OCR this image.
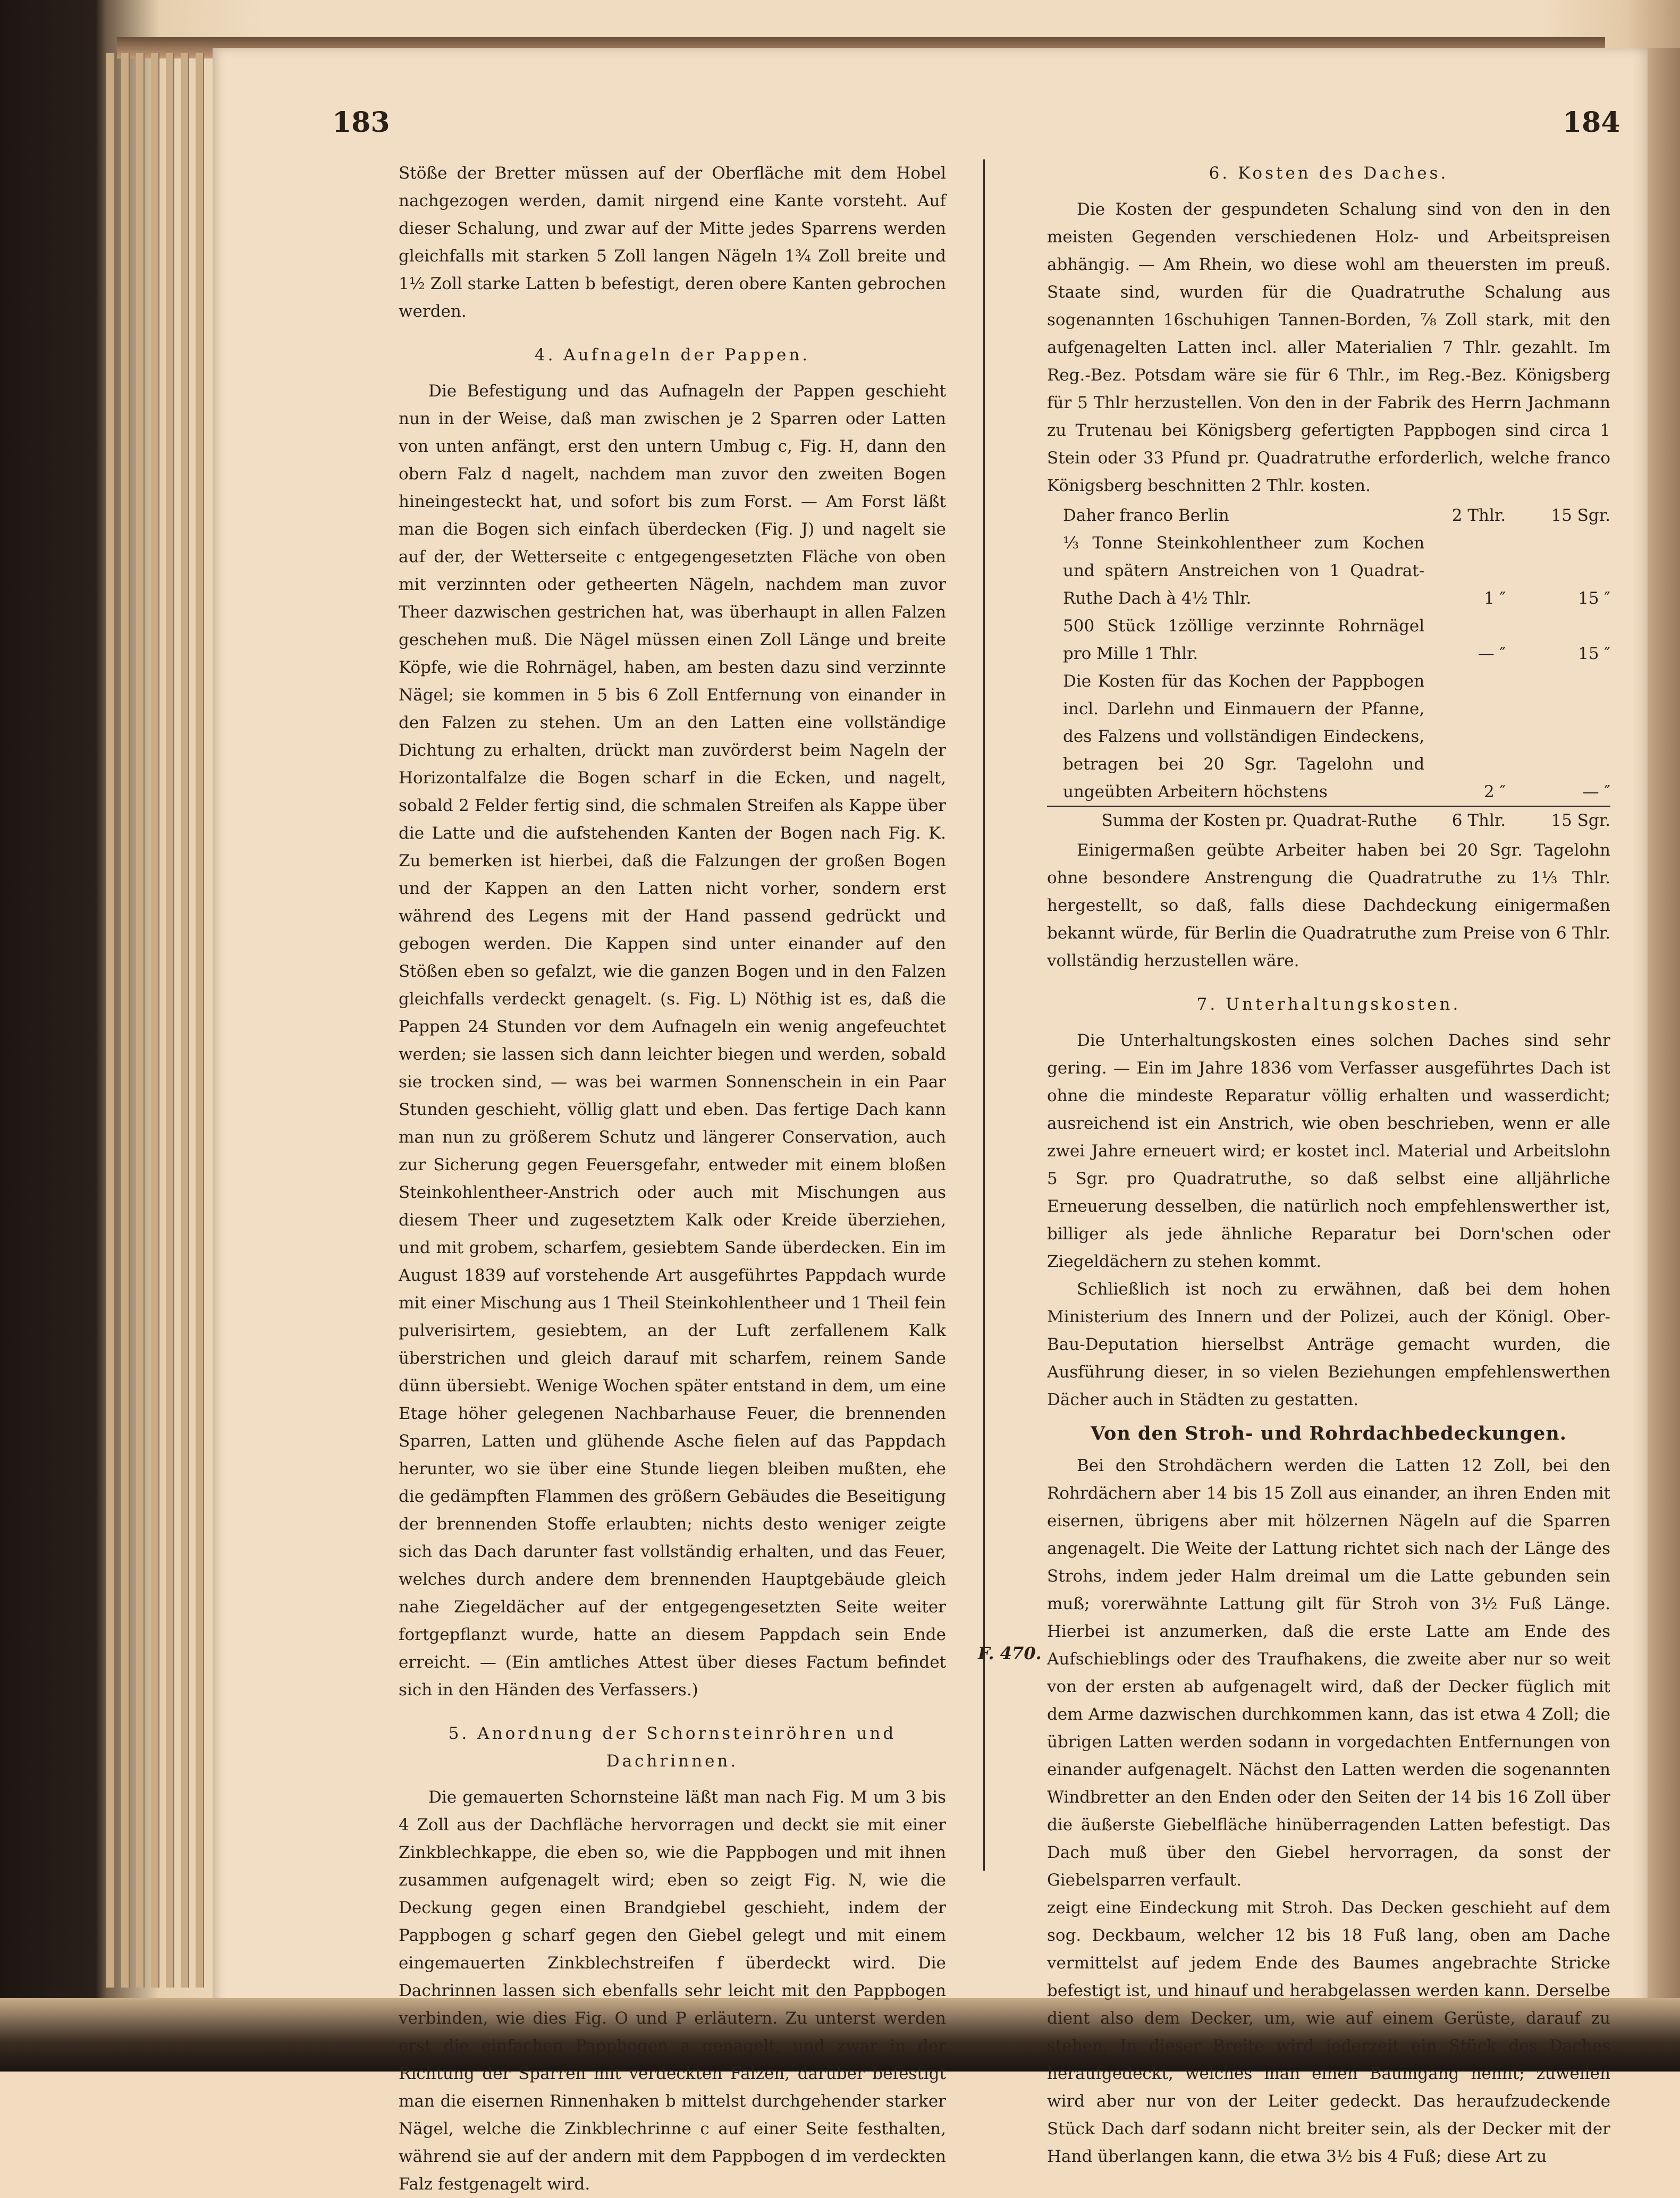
183	184

Stöße der Bretter müssen auf der Oberfläche mit dem Hobel nachgezogen werden, damit nirgend eine Kante vorsteht. Auf dieser Schalung, und zwar auf der Mitte jedes Sparrens werden gleichfalls mit starken 5 Zoll langen Nägeln 1¾ Zoll breite und 1½ Zoll starke Latten b befestigt, deren obere Kanten gebrochen werden.

4. Aufnageln der Pappen.

Die Befestigung und das Aufnageln der Pappen geschieht nun in der Weise, daß man zwischen je 2 Sparren oder Latten von unten anfängt, erst den untern Umbug c, Fig. H, dann den obern Falz d nagelt, nachdem man zuvor den zweiten Bogen hineingesteckt hat, und sofort bis zum Forst. — Am Forst läßt man die Bogen sich einfach überdecken (Fig. J) und nagelt sie auf der, der Wetterseite c entgegengesetzten Fläche von oben mit verzinnten oder getheerten Nägeln, nachdem man zuvor Theer dazwischen gestrichen hat, was überhaupt in allen Falzen geschehen muß. Die Nägel müssen einen Zoll Länge und breite Köpfe, wie die Rohrnägel, haben, am besten dazu sind verzinnte Nägel; sie kommen in 5 bis 6 Zoll Entfernung von einander in den Falzen zu stehen. Um an den Latten eine vollständige Dichtung zu erhalten, drückt man zuvörderst beim Nageln der Horizontalfalze die Bogen scharf in die Ecken, und nagelt, sobald 2 Felder fertig sind, die schmalen Streifen als Kappe über die Latte und die aufstehenden Kanten der Bogen nach Fig. K. Zu bemerken ist hierbei, daß die Falzungen der großen Bogen und der Kappen an den Latten nicht vorher, sondern erst während des Legens mit der Hand passend gedrückt und gebogen werden. Die Kappen sind unter einander auf den Stößen eben so gefalzt, wie die ganzen Bogen und in den Falzen gleichfalls verdeckt genagelt. (s. Fig. L) Nöthig ist es, daß die Pappen 24 Stunden vor dem Aufnageln ein wenig angefeuchtet werden; sie lassen sich dann leichter biegen und werden, sobald sie trocken sind, — was bei warmen Sonnenschein in ein Paar Stunden geschieht, völlig glatt und eben. Das fertige Dach kann man nun zu größerem Schutz und längerer Conservation, auch zur Sicherung gegen Feuersgefahr, entweder mit einem bloßen Steinkohlentheer-Anstrich oder auch mit Mischungen aus diesem Theer und zugesetztem Kalk oder Kreide überziehen, und mit grobem, scharfem, gesiebtem Sande überdecken. Ein im August 1839 auf vorstehende Art ausgeführtes Pappdach wurde mit einer Mischung aus 1 Theil Steinkohlentheer und 1 Theil fein pulverisirtem, gesiebtem, an der Luft zerfallenem Kalk überstrichen und gleich darauf mit scharfem, reinem Sande dünn übersiebt. Wenige Wochen später entstand in dem, um eine Etage höher gelegenen Nachbarhause Feuer, die brennenden Sparren, Latten und glühende Asche fielen auf das Pappdach herunter, wo sie über eine Stunde liegen bleiben mußten, ehe die gedämpften Flammen des größern Gebäudes die Beseitigung der brennenden Stoffe erlaubten; nichts desto weniger zeigte sich das Dach darunter fast vollständig erhalten, und das Feuer, welches durch andere dem brennenden Hauptgebäude gleich nahe Ziegeldächer auf der entgegengesetzten Seite weiter fortgepflanzt wurde, hatte an diesem Pappdach sein Ende erreicht. — (Ein amtliches Attest über dieses Factum befindet sich in den Händen des Verfassers.)

5. Anordnung der Schornsteinröhren und Dachrinnen.

Die gemauerten Schornsteine läßt man nach Fig. M um 3 bis 4 Zoll aus der Dachfläche hervorragen und deckt sie mit einer Zinkblechkappe, die eben so, wie die Pappbogen und mit ihnen zusammen aufgenagelt wird; eben so zeigt Fig. N, wie die Deckung gegen einen Brandgiebel geschieht, indem der Pappbogen g scharf gegen den Giebel gelegt und mit einem eingemauerten Zinkblechstreifen f überdeckt wird. Die Dachrinnen lassen sich ebenfalls sehr leicht mit den Pappbogen verbinden, wie dies Fig. O und P erläutern. Zu unterst werden erst die einfachen Pappbogen a genagelt, und zwar in der Richtung der Sparren mit verdeckten Falzen, darüber befestigt man die eisernen Rinnenhaken b mittelst durchgehender starker Nägel, welche die Zinkblechrinne c auf einer Seite festhalten, während sie auf der andern mit dem Pappbogen d im verdeckten Falz festgenagelt wird.

6. Kosten des Daches.

Die Kosten der gespundeten Schalung sind von den in den meisten Gegenden verschiedenen Holz- und Arbeitspreisen abhängig. — Am Rhein, wo diese wohl am theuersten im preuß. Staate sind, wurden für die Quadratruthe Schalung aus sogenannten 16schuhigen Tannen-Borden, ⅞ Zoll stark, mit den aufgenagelten Latten incl. aller Materialien 7 Thlr. gezahlt. Im Reg.-Bez. Potsdam wäre sie für 6 Thlr., im Reg.-Bez. Königsberg für 5 Thlr herzustellen. Von den in der Fabrik des Herrn Jachmann zu Trutenau bei Königsberg gefertigten Pappbogen sind circa 1 Stein oder 33 Pfund pr. Quadratruthe erforderlich, welche franco Königsberg beschnitten 2 Thlr. kosten.

Daher franco Berlin	2 Thlr.	15 Sgr.
⅓ Tonne Steinkohlentheer zum Kochen und spätern Anstreichen von 1 Quadrat-Ruthe Dach à 4½ Thlr.	1 ″	15 ″
500 Stück 1zöllige verzinnte Rohrnägel pro Mille 1 Thlr.	— ″	15 ″
Die Kosten für das Kochen der Pappbogen incl. Darlehn und Einmauern der Pfanne, des Falzens und vollständigen Eindeckens, betragen bei 20 Sgr. Tagelohn und ungeübten Arbeitern höchstens	2 ″	— ″
Summa der Kosten pr. Quadrat-Ruthe	6 Thlr.	15 Sgr.

Einigermaßen geübte Arbeiter haben bei 20 Sgr. Tagelohn ohne besondere Anstrengung die Quadratruthe zu 1⅓ Thlr. hergestellt, so daß, falls diese Dachdeckung einigermaßen bekannt würde, für Berlin die Quadratruthe zum Preise von 6 Thlr. vollständig herzustellen wäre.

7. Unterhaltungskosten.

Die Unterhaltungskosten eines solchen Daches sind sehr gering. — Ein im Jahre 1836 vom Verfasser ausgeführtes Dach ist ohne die mindeste Reparatur völlig erhalten und wasserdicht; ausreichend ist ein Anstrich, wie oben beschrieben, wenn er alle zwei Jahre erneuert wird; er kostet incl. Material und Arbeitslohn 5 Sgr. pro Quadratruthe, so daß selbst eine alljährliche Erneuerung desselben, die natürlich noch empfehlenswerther ist, billiger als jede ähnliche Reparatur bei Dorn'schen oder Ziegeldächern zu stehen kommt.

Schließlich ist noch zu erwähnen, daß bei dem hohen Ministerium des Innern und der Polizei, auch der Königl. Ober-Bau-Deputation hierselbst Anträge gemacht wurden, die Ausführung dieser, in so vielen Beziehungen empfehlenswerthen Dächer auch in Städten zu gestatten.

Von den Stroh- und Rohrdachbedeckungen.

Bei den Strohdächern werden die Latten 12 Zoll, bei den Rohrdächern aber 14 bis 15 Zoll aus einander, an ihren Enden mit eisernen, übrigens aber mit hölzernen Nägeln auf die Sparren angenagelt. Die Weite der Lattung richtet sich nach der Länge des Strohs, indem jeder Halm dreimal um die Latte gebunden sein muß; vorerwähnte Lattung gilt für Stroh von 3½ Fuß Länge. Hierbei ist anzumerken, daß die erste Latte am Ende des Aufschieblings oder des Traufhakens, die zweite aber nur so weit von der ersten ab aufgenagelt wird, daß der Decker füglich mit dem Arme dazwischen durchkommen kann, das ist etwa 4 Zoll; die übrigen Latten werden sodann in vorgedachten Entfernungen von einander aufgenagelt. Nächst den Latten werden die sogenannten Windbretter an den Enden oder den Seiten der 14 bis 16 Zoll über die äußerste Giebelfläche hinüberragenden Latten befestigt. Das Dach muß über den Giebel hervorragen, da sonst der Giebelsparren verfault.

zeigt eine Eindeckung mit Stroh. Das Decken geschieht auf dem sog. Deckbaum, welcher 12 bis 18 Fuß lang, oben am Dache vermittelst auf jedem Ende des Baumes angebrachte Stricke befestigt ist, und hinauf und herabgelassen werden kann. Derselbe dient also dem Decker, um, wie auf einem Gerüste, darauf zu stehen. In dieser Breite wird jederzeit ein Stück des Daches heraufgedeckt, welches man einen Baumgang nennt; zuweilen wird aber nur von der Leiter gedeckt. Das heraufzudeckende Stück Dach darf sodann nicht breiter sein, als der Decker mit der Hand überlangen kann, die etwa 3½ bis 4 Fuß; diese Art zu

F. 470.
